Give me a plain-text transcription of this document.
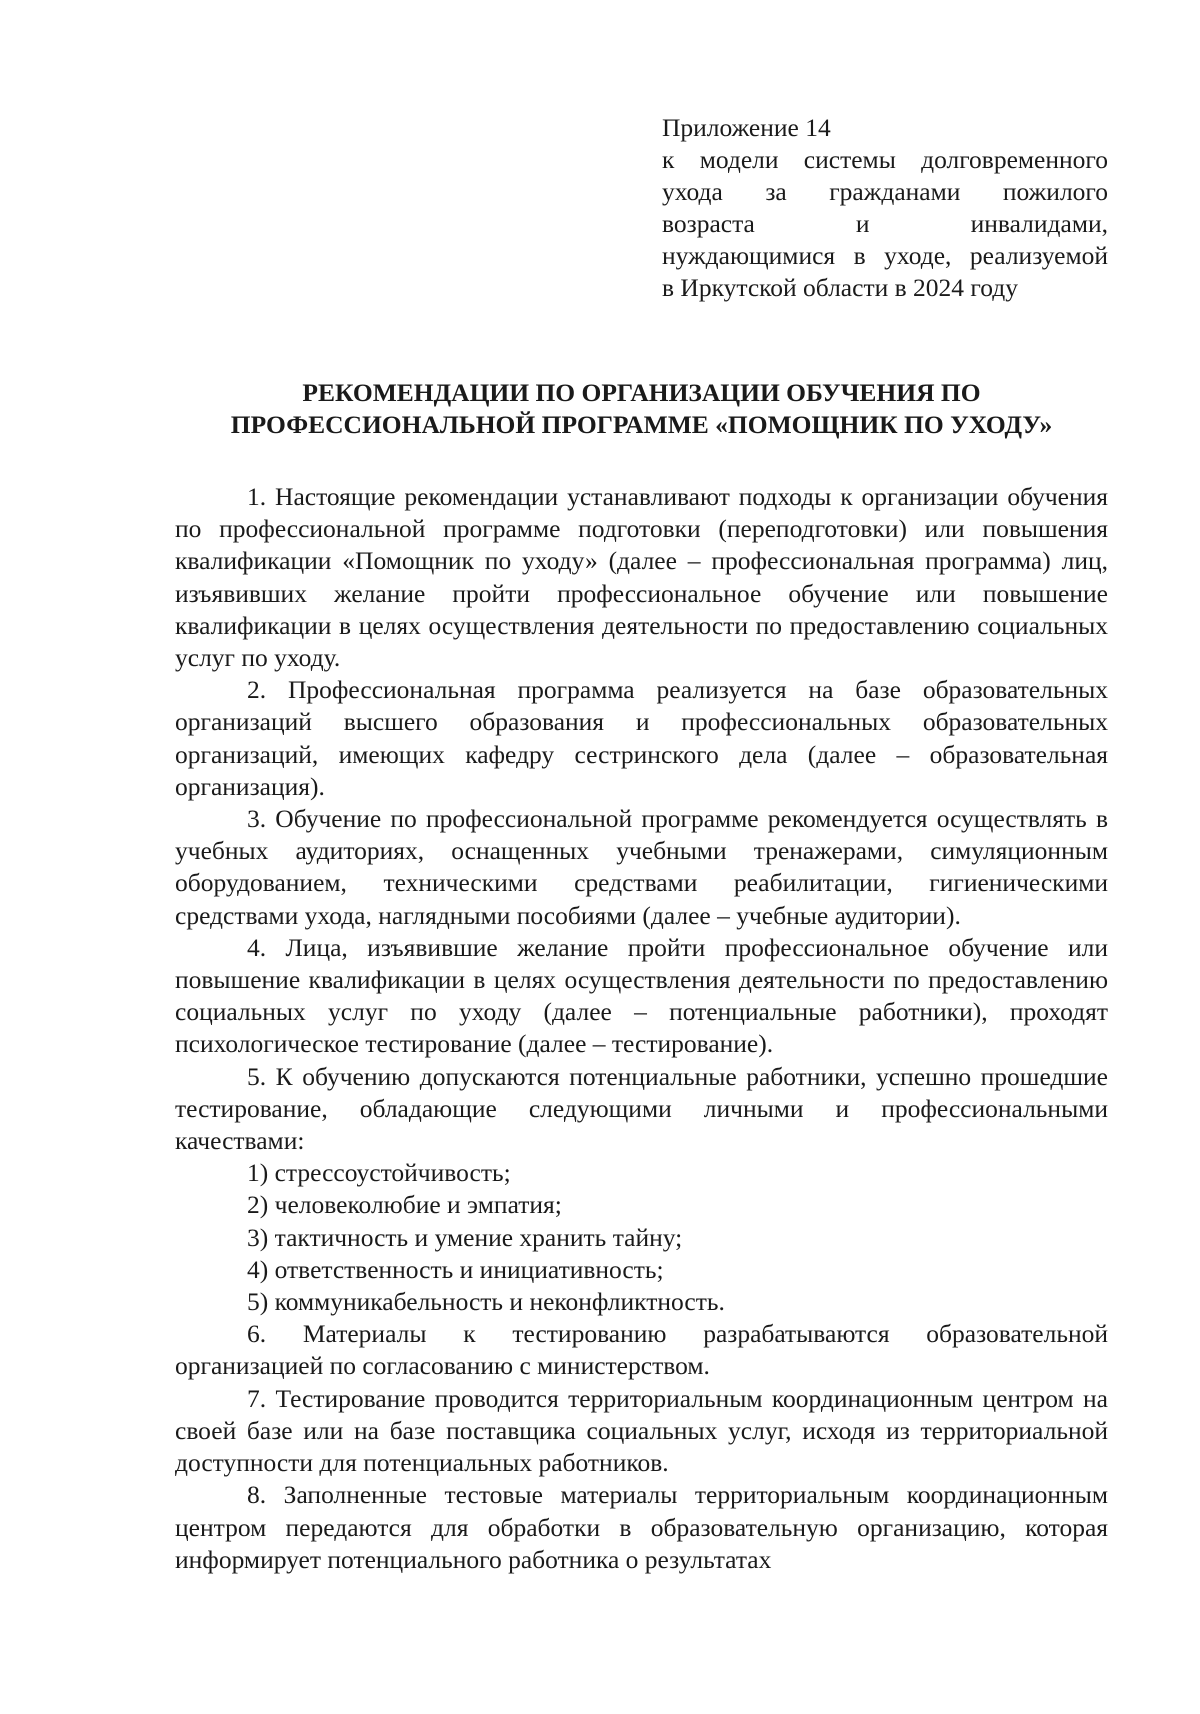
Приложение 14
к модели системы долговременного
ухода за гражданами пожилого
возраста и инвалидами,
нуждающимися в уходе, реализуемой
в Иркутской области в 2024 году
РЕКОМЕНДАЦИИ ПО ОРГАНИЗАЦИИ ОБУЧЕНИЯ ПО
ПРОФЕССИОНАЛЬНОЙ ПРОГРАММЕ «ПОМОЩНИК ПО УХОДУ»

1. Настоящие рекомендации устанавливают подходы к организации обучения по профессиональной программе подготовки (переподготовки) или повышения квалификации «Помощник по уходу» (далее – профессиональная программа) лиц, изъявивших желание пройти профессиональное обучение или повышение квалификации в целях осуществления деятельности по предоставлению социальных услуг по уходу.

2. Профессиональная программа реализуется на базе образовательных организаций высшего образования и профессиональных образовательных организаций, имеющих кафедру сестринского дела (далее – образовательная организация).

3. Обучение по профессиональной программе рекомендуется осуществлять в учебных аудиториях, оснащенных учебными тренажерами, симуляционным оборудованием, техническими средствами реабилитации, гигиеническими средствами ухода, наглядными пособиями (далее – учебные аудитории).

4. Лица, изъявившие желание пройти профессиональное обучение или повышение квалификации в целях осуществления деятельности по предоставлению социальных услуг по уходу (далее – потенциальные работники), проходят психологическое тестирование (далее – тестирование).

5. К обучению допускаются потенциальные работники, успешно прошедшие тестирование, обладающие следующими личными и профессиональными качествами:

1) стрессоустойчивость;

2) человеколюбие и эмпатия;

3) тактичность и умение хранить тайну;

4) ответственность и инициативность;

5) коммуникабельность и неконфликтность.

6. Материалы к тестированию разрабатываются образовательной организацией по согласованию с министерством.

7. Тестирование проводится территориальным координационным центром на своей базе или на базе поставщика социальных услуг, исходя из территориальной доступности для потенциальных работников.

8. Заполненные тестовые материалы территориальным координационным центром передаются для обработки в образовательную организацию, которая информирует потенциального работника о результатах
